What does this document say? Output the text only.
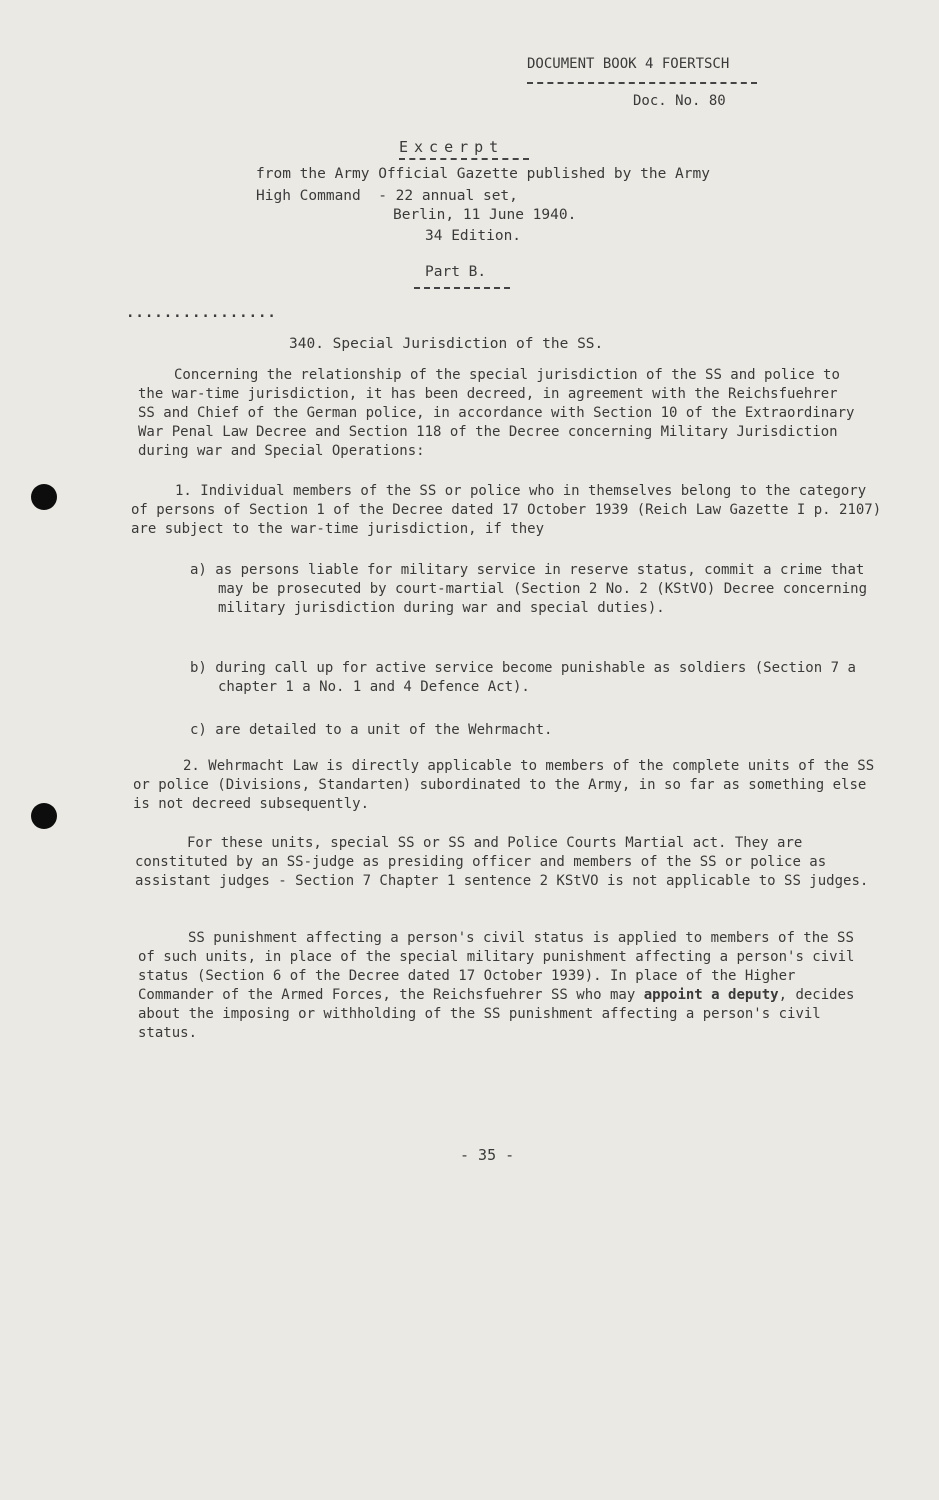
DOCUMENT BOOK 4 FOERTSCH
Doc. No. 80
Excerpt
from the Army Official Gazette published by the Army
High Command  - 22 annual set,
Berlin, 11 June 1940.
34 Edition.
Part B.
................
340. Special Jurisdiction of the SS.

Concerning the relationship of the special jurisdiction of the SS and police to the war-time jurisdiction, it has been decreed, in agreement with the Reichsfuehrer SS and Chief of the German police, in accordance with Section 10 of the Extraordinary War Penal Law Decree and Section 118 of the Decree concerning Military Jurisdiction during war and Special Operations:

1. Individual members of the SS or police who in themselves belong to the category of persons of Section 1 of the Decree dated 17 October 1939 (Reich Law Gazette I p. 2107) are subject to the war-time jurisdiction, if they

a) as persons liable for military service in reserve status, commit a crime that may be prosecuted by court-martial (Section 2 No. 2 (KStVO) Decree concerning military jurisdiction during war and special duties).

b) during call up for active service become punishable as soldiers (Section 7 a chapter 1 a No. 1 and 4 Defence Act).

c) are detailed to a unit of the Wehrmacht.

2. Wehrmacht Law is directly applicable to members of the complete units of the SS or police (Divisions, Standarten) subordinated to the Army, in so far as something else is not decreed subsequently.

For these units, special SS or SS and Police Courts Martial act. They are constituted by an SS-judge as presiding officer and members of the SS or police as assistant judges - Section 7 Chapter 1 sentence 2 KStVO is not applicable to SS judges.

SS punishment affecting a person's civil status is applied to members of the SS of such units, in place of the special military punishment affecting a person's civil status (Section 6 of the Decree dated 17 October 1939). In place of the Higher Commander of the Armed Forces, the Reichsfuehrer SS who may appoint a deputy, decides about the imposing or withholding of the SS punishment affecting a person's civil status.

- 35 -
